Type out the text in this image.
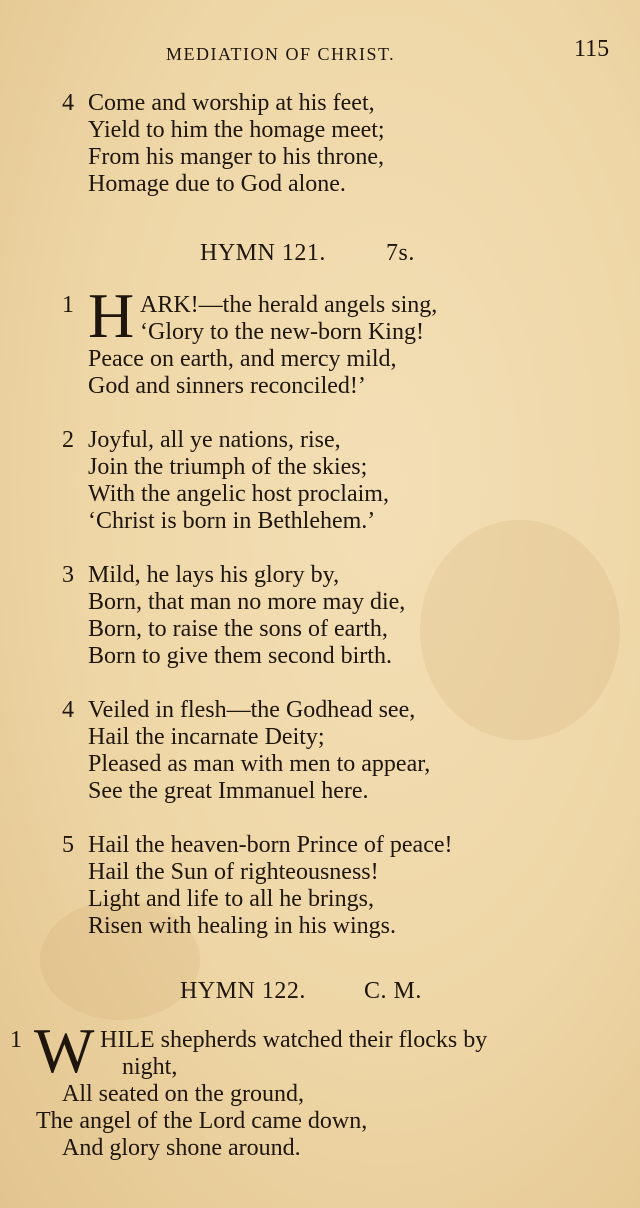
MEDIATION OF CHRIST.	115
4 Come and worship at his feet,
Yield to him the homage meet;
From his manger to his throne,
Homage due to God alone.
HYMN 121.	7s.
1 H ARK!—the herald angels sing,
‘Glory to the new-born King!
Peace on earth, and mercy mild,
God and sinners reconciled!’
2 Joyful, all ye nations, rise,
Join the triumph of the skies;
With the angelic host proclaim,
‘Christ is born in Bethlehem.’
3 Mild, he lays his glory by,
Born, that man no more may die,
Born, to raise the sons of earth,
Born to give them second birth.
4 Veiled in flesh—the Godhead see,
Hail the incarnate Deity;
Pleased as man with men to appear,
See the great Immanuel here.
5 Hail the heaven-born Prince of peace!
Hail the Sun of righteousness!
Light and life to all he brings,
Risen with healing in his wings.
HYMN 122. C. M.
1 W HILE shepherds watched their flocks by
night,
All seated on the ground,
The angel of the Lord came down,
And glory shone around.
